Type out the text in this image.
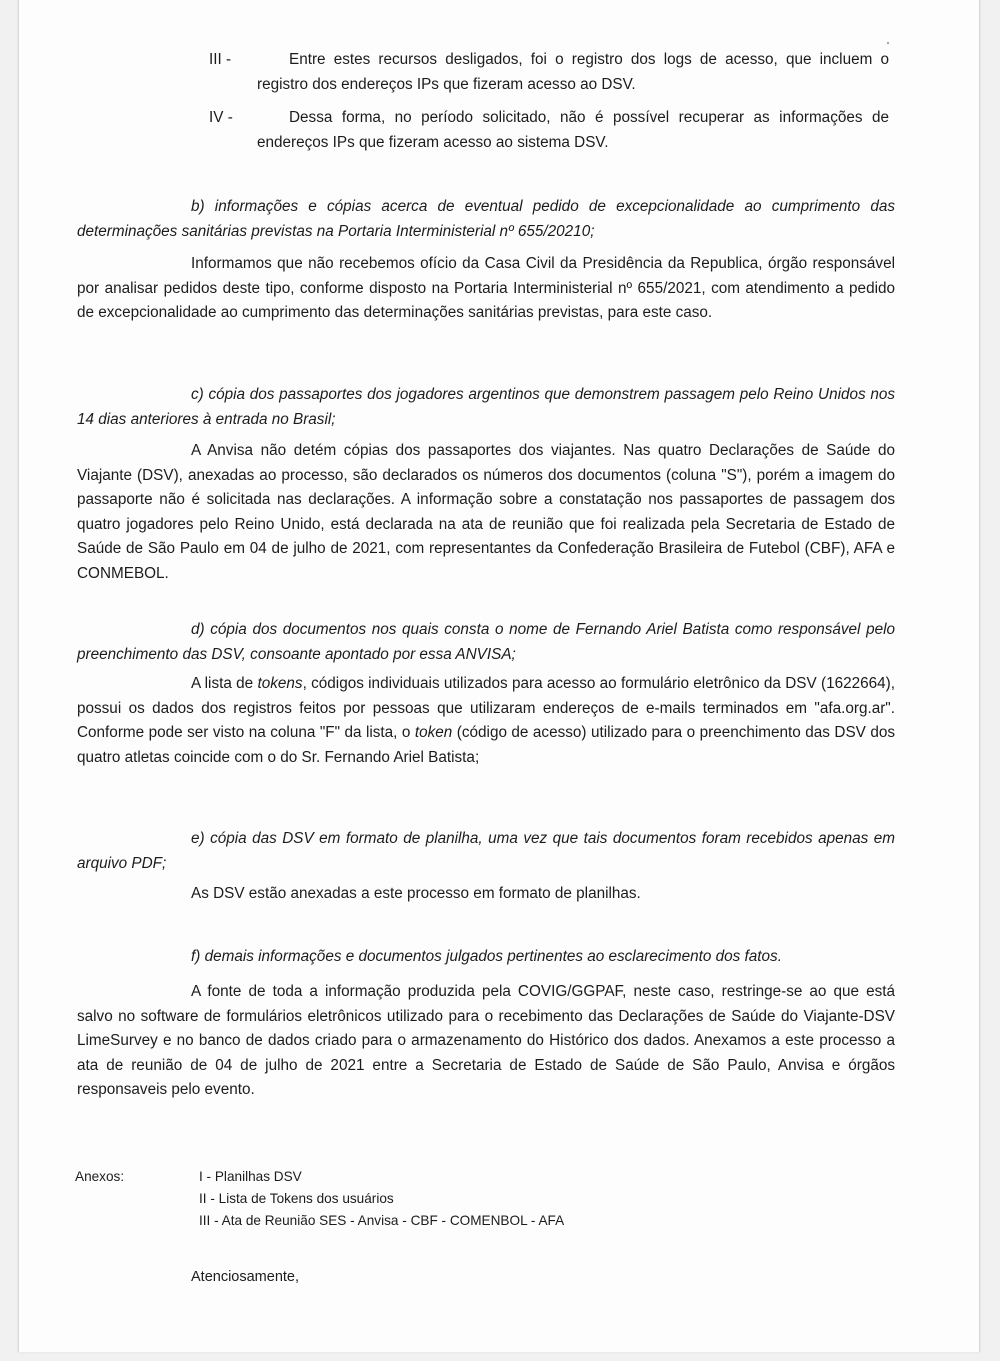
III -	Entre estes recursos desligados, foi o registro dos logs de acesso, que incluem o registro dos endereços IPs que fizeram acesso ao DSV.

IV -	Dessa forma, no período solicitado, não é possível recuperar as informações de endereços IPs que fizeram acesso ao sistema DSV.

b) informações e cópias acerca de eventual pedido de excepcionalidade ao cumprimento das determinações sanitárias previstas na Portaria Interministerial nº 655/20210;

Informamos que não recebemos ofício da Casa Civil da Presidência da Republica, órgão responsável por analisar pedidos deste tipo, conforme disposto na Portaria Interministerial nº 655/2021, com atendimento a pedido de excepcionalidade ao cumprimento das determinações sanitárias previstas, para este caso.

c) cópia dos passaportes dos jogadores argentinos que demonstrem passagem pelo Reino Unidos nos 14 dias anteriores à entrada no Brasil;

A Anvisa não detém cópias dos passaportes dos viajantes. Nas quatro Declarações de Saúde do Viajante (DSV), anexadas ao processo, são declarados os números dos documentos (coluna "S"), porém a imagem do passaporte não é solicitada nas declarações. A informação sobre a constatação nos passaportes de passagem dos quatro jogadores pelo Reino Unido, está declarada na ata de reunião que foi realizada pela Secretaria de Estado de Saúde de São Paulo em 04 de julho de 2021, com representantes da Confederação Brasileira de Futebol (CBF), AFA e CONMEBOL.

d) cópia dos documentos nos quais consta o nome de Fernando Ariel Batista como responsável pelo preenchimento das DSV, consoante apontado por essa ANVISA;

A lista de tokens, códigos individuais utilizados para acesso ao formulário eletrônico da DSV (1622664), possui os dados dos registros feitos por pessoas que utilizaram endereços de e-mails terminados em "afa.org.ar". Conforme pode ser visto na coluna "F" da lista, o token (código de acesso) utilizado para o preenchimento das DSV dos quatro atletas coincide com o do Sr. Fernando Ariel Batista;

e) cópia das DSV em formato de planilha, uma vez que tais documentos foram recebidos apenas em arquivo PDF;

As DSV estão anexadas a este processo em formato de planilhas.

f) demais informações e documentos julgados pertinentes ao esclarecimento dos fatos.

A fonte de toda a informação produzida pela COVIG/GGPAF, neste caso, restringe-se ao que está salvo no software de formulários eletrônicos utilizado para o recebimento das Declarações de Saúde do Viajante-DSV LimeSurvey e no banco de dados criado para o armazenamento do Histórico dos dados. Anexamos a este processo a ata de reunião de 04 de julho de 2021 entre a Secretaria de Estado de Saúde de São Paulo, Anvisa e órgãos responsaveis pelo evento.

Anexos:	I - Planilhas DSV

II - Lista de Tokens dos usuários

III - Ata de Reunião SES - Anvisa - CBF - COMENBOL - AFA

Atenciosamente,
